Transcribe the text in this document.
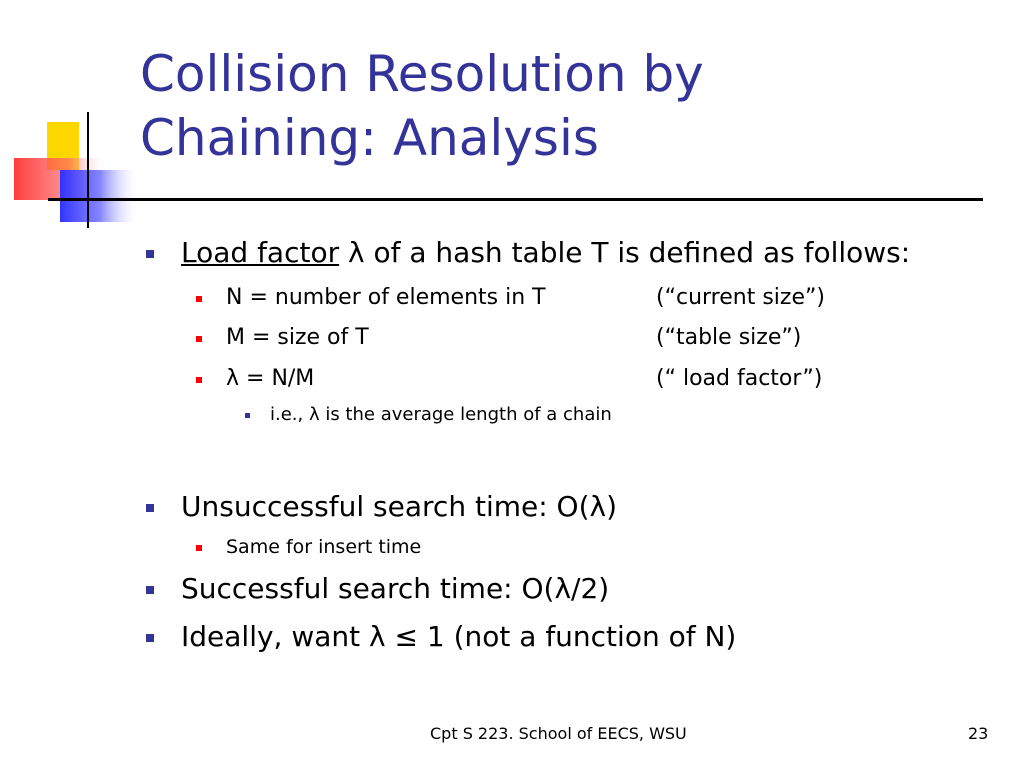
Collision Resolution by
Chaining: Analysis
Load factor λ of a hash table T is defined as follows:
N = number of elements in T	(“current size”)
M = size of T	(“table size”)
λ = N/M	(“ load factor”)
i.e., λ is the average length of a chain
Unsuccessful search time: O(λ)
Same for insert time
Successful search time: O(λ/2)
Ideally, want λ ≤ 1 (not a function of N)
Cpt S 223. School of EECS, WSU	23
